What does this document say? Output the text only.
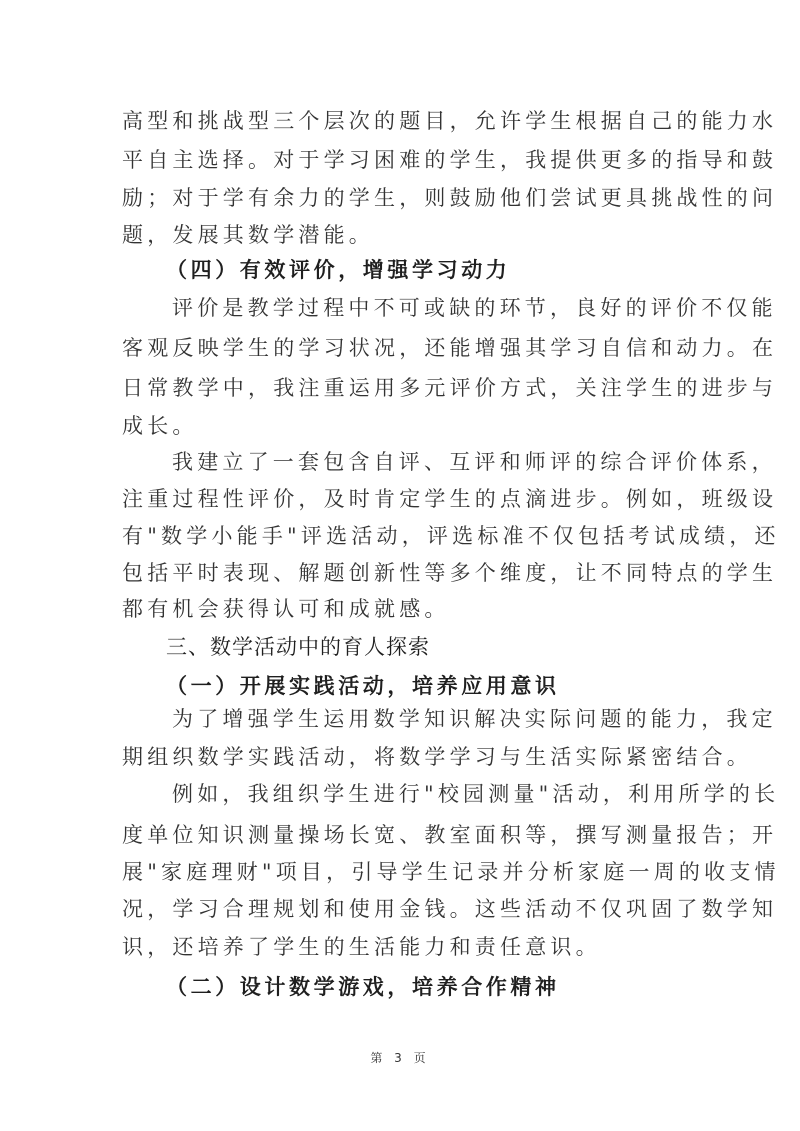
高型和挑战型三个层次的题目，允许学生根据自己的能力水
平自主选择。对于学习困难的学生，我提供更多的指导和鼓
励；对于学有余力的学生，则鼓励他们尝试更具挑战性的问
题，发展其数学潜能。
（四）有效评价，增强学习动力
评价是教学过程中不可或缺的环节，良好的评价不仅能
客观反映学生的学习状况，还能增强其学习自信和动力。在
日常教学中，我注重运用多元评价方式，关注学生的进步与
成长。
我建立了一套包含自评、互评和师评的综合评价体系，
注重过程性评价，及时肯定学生的点滴进步。例如，班级设
有"数学小能手"评选活动，评选标准不仅包括考试成绩，还
包括平时表现、解题创新性等多个维度，让不同特点的学生
都有机会获得认可和成就感。
三、数学活动中的育人探索
（一）开展实践活动，培养应用意识
为了增强学生运用数学知识解决实际问题的能力，我定
期组织数学实践活动，将数学学习与生活实际紧密结合。
例如，我组织学生进行"校园测量"活动，利用所学的长
度单位知识测量操场长宽、教室面积等，撰写测量报告；开
展"家庭理财"项目，引导学生记录并分析家庭一周的收支情
况，学习合理规划和使用金钱。这些活动不仅巩固了数学知
识，还培养了学生的生活能力和责任意识。
（二）设计数学游戏，培养合作精神
第 3 页
